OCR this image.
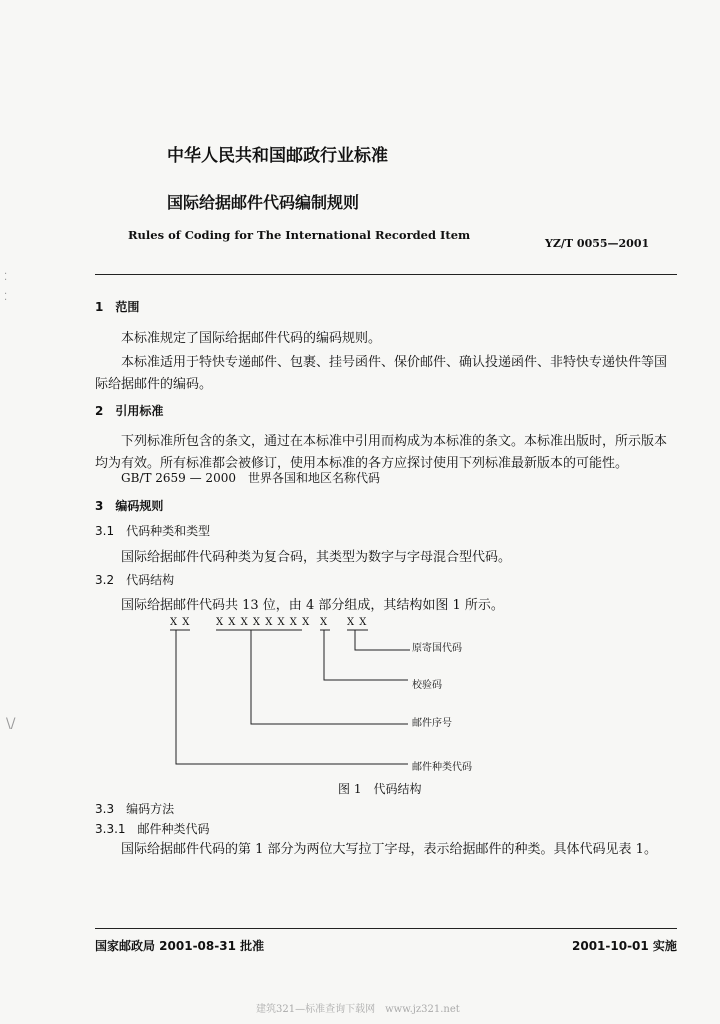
中华人民共和国邮政行业标准
国际给据邮件代码编制规则
Rules of Coding for The International Recorded Item
YZ/T 0055—2001
1　范围
本标准规定了国际给据邮件代码的编码规则。
本标准适用于特快专递邮件、包裹、挂号函件、保价邮件、确认投递函件、非特快专递快件等国
际给据邮件的编码。
2　引用标准
下列标准所包含的条文，通过在本标准中引用而构成为本标准的条文。本标准出版时，所示版本
均为有效。所有标准都会被修订，使用本标准的各方应探讨使用下列标准最新版本的可能性。
GB/T 2659 — 2000　世界各国和地区名称代码
3　编码规则
3.1　代码种类和类型
国际给据邮件代码种类为复合码，其类型为数字与字母混合型代码。
3.2　代码结构
国际给据邮件代码共 13 位，由 4 部分组成，其结构如图 1 所示。
X X	X X X X X X X X X X X
原寄国代码
校验码
邮件序号
邮件种类代码
图 1　代码结构
3.3　编码方法
3.3.1　邮件种类代码
国际给据邮件代码的第 1 部分为两位大写拉丁字母，表示给据邮件的种类。具体代码见表 1。
国家邮政局 2001-08-31 批准	2001-10-01 实施
建筑321—标准查询下载网　www.jz321.net
⁚
⁚
\/
